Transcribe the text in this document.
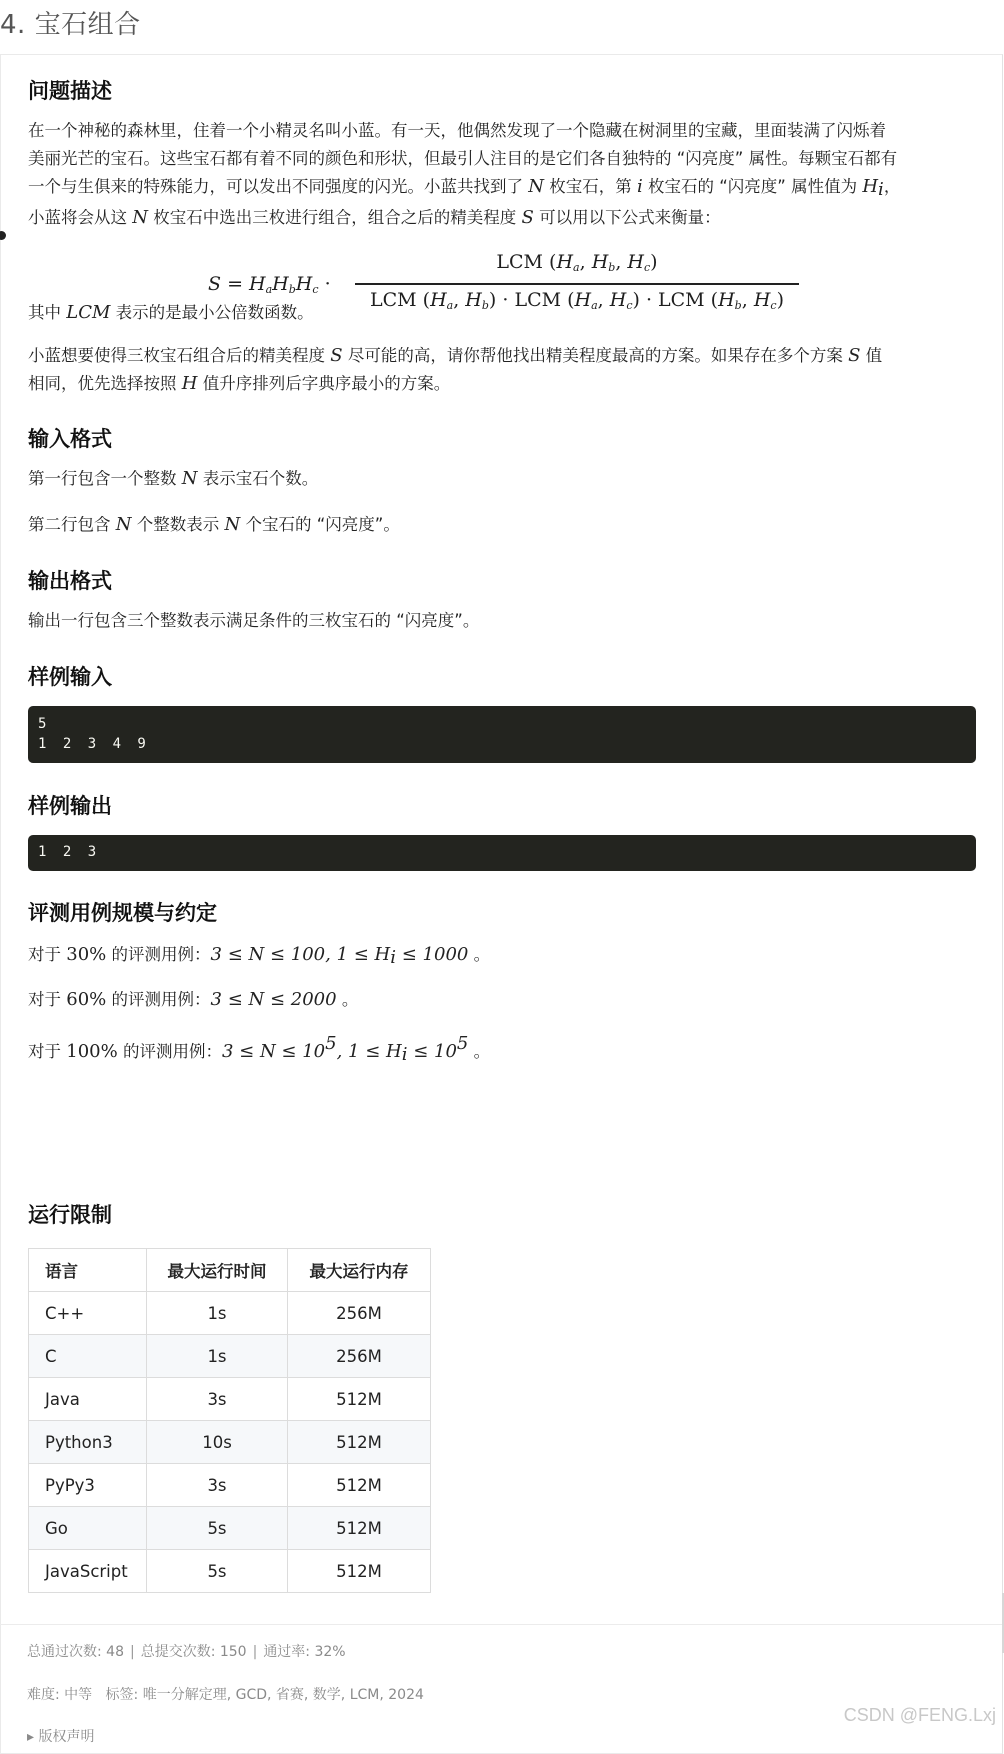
4. 宝石组合
问题描述

在一个神秘的森林里，住着一个小精灵名叫小蓝。有一天，他偶然发现了一个隐藏在树洞里的宝藏，里面装满了闪烁着
美丽光芒的宝石。这些宝石都有着不同的颜色和形状，但最引人注目的是它们各自独特的 “闪亮度” 属性。每颗宝石都有
一个与生俱来的特殊能力，可以发出不同强度的闪光。小蓝共找到了 N 枚宝石，第 i 枚宝石的 “闪亮度” 属性值为 $H_i$，
小蓝将会从这 N 枚宝石中选出三枚进行组合，组合之后的精美程度 S 可以用以下公式来衡量：

$S = H_aH_bH_c$ ·
LCM ($H_a$, $H_b$, $H_c$)
LCM ($H_a$, $H_b$) · LCM ($H_a$, $H_c$) · LCM ($H_b$, $H_c$)

其中 LCM 表示的是最小公倍数函数。

小蓝想要使得三枚宝石组合后的精美程度 S 尽可能的高，请你帮他找出精美程度最高的方案。如果存在多个方案 S 值
相同，优先选择按照 H 值升序排列后字典序最小的方案。

输入格式

第一行包含一个整数 N 表示宝石个数。

第二行包含 N 个整数表示 N 个宝石的 “闪亮度”。

输出格式

输出一行包含三个整数表示满足条件的三枚宝石的 “闪亮度”。

样例输入
5
1 2 3 4 9
样例输出
1 2 3
评测用例规模与约定

对于 30% 的评测用例：3 ≤ N ≤ 100, $1 \le H_i \le 1000$ 。

对于 60% 的评测用例：3 ≤ N ≤ 2000 。

对于 100% 的评测用例：$3 \le N \le 10^5$, $1 \le H_i \le 10^5$ 。

运行限制
语言	最大运行时间	最大运行内存
C++	1s	256M
C	1s	256M
Java	3s	512M
Python3	10s	512M
PyPy3	3s	512M
Go	5s	512M
JavaScript	5s	512M

总通过次数: 48 | 总提交次数: 150 | 通过率: 32%

难度: 中等 标签: 唯一分解定理, GCD, 省赛, 数学, LCM, 2024

▸ 版权声明

CSDN @FENG.Lxj
